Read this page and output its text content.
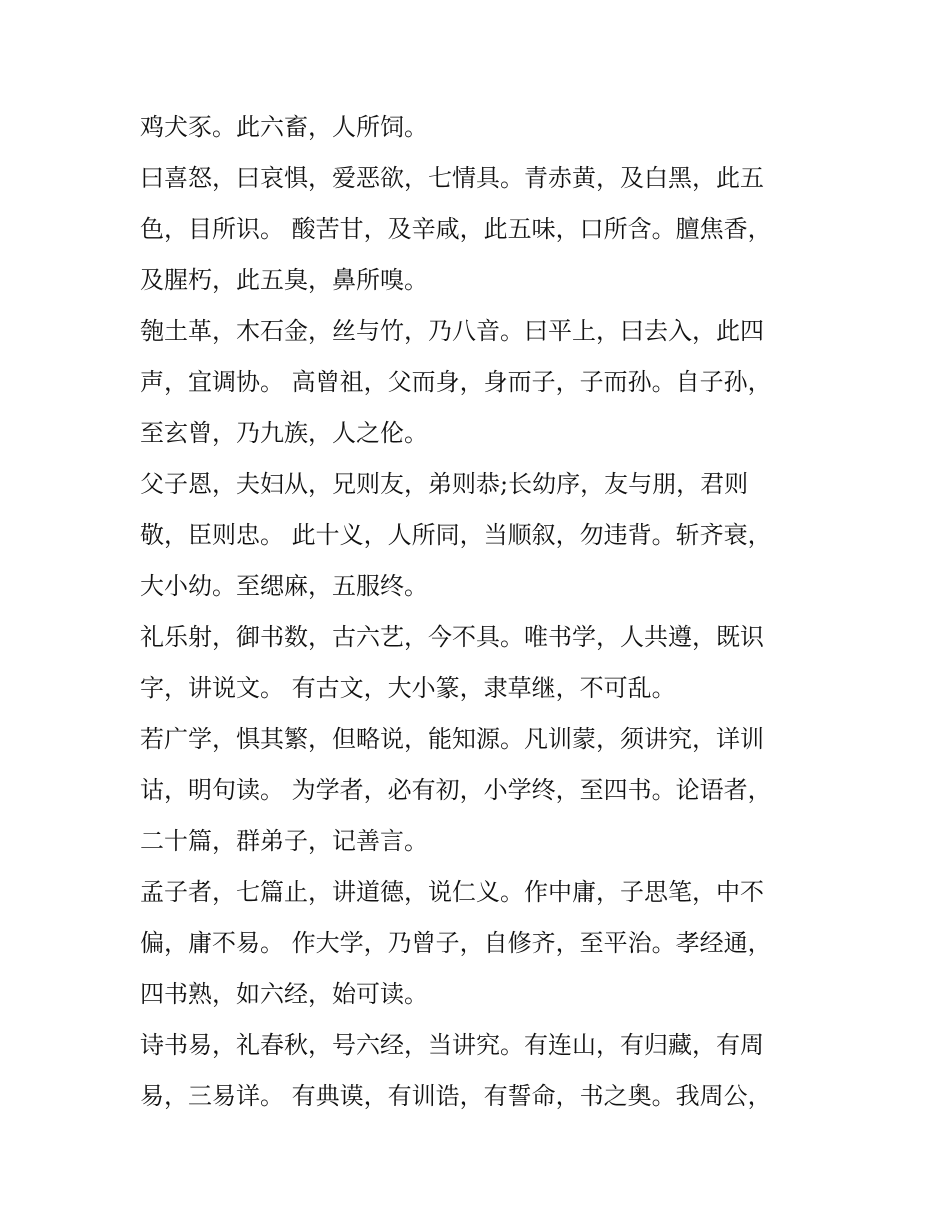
鸡犬豕。此六畜，人所饲。
曰喜怒，曰哀惧，爱恶欲，七情具。青赤黄，及白黑，此五
色，目所识。 酸苦甘，及辛咸，此五味，口所含。膻焦香，
及腥朽，此五臭，鼻所嗅。
匏土革，木石金，丝与竹，乃八音。曰平上，曰去入，此四
声，宜调协。 高曾祖，父而身，身而子，子而孙。自子孙，
至玄曾，乃九族，人之伦。
父子恩，夫妇从，兄则友，弟则恭;长幼序，友与朋，君则
敬，臣则忠。 此十义，人所同，当顺叙，勿违背。斩齐衰，
大小幼。至缌麻，五服终。
礼乐射，御书数，古六艺，今不具。唯书学，人共遵，既识
字，讲说文。 有古文，大小篆，隶草继，不可乱。
若广学，惧其繁，但略说，能知源。凡训蒙，须讲究，详训
诂，明句读。 为学者，必有初，小学终，至四书。论语者，
二十篇，群弟子，记善言。
孟子者，七篇止，讲道德，说仁义。作中庸，子思笔，中不
偏，庸不易。 作大学，乃曾子，自修齐，至平治。孝经通，
四书熟，如六经，始可读。
诗书易，礼春秋，号六经，当讲究。有连山，有归藏，有周
易，三易详。 有典谟，有训诰，有誓命，书之奥。我周公，
